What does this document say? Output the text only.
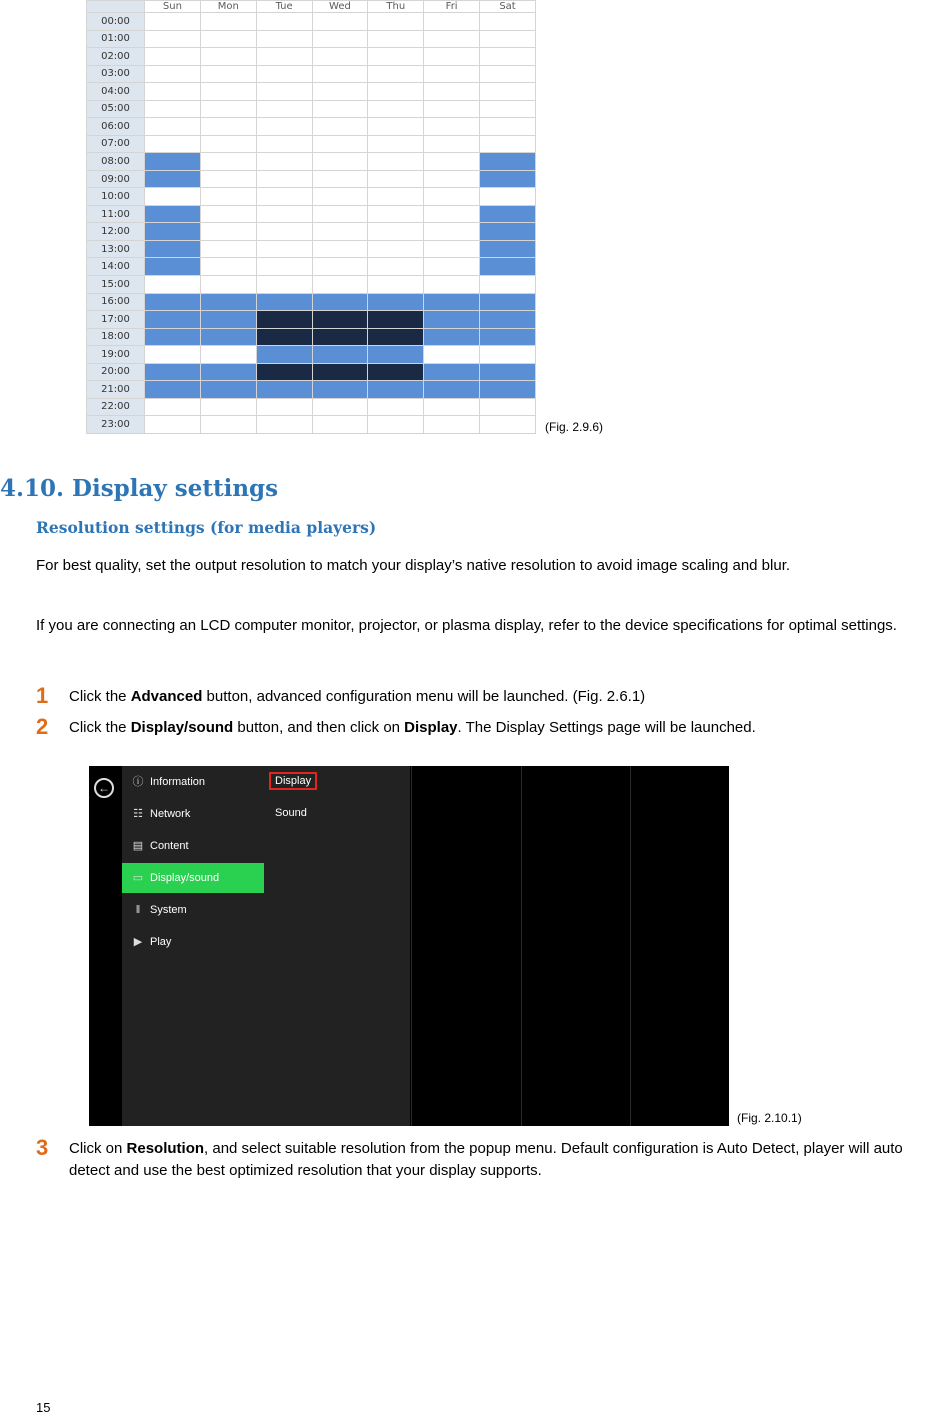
	Sun	Mon	Tue	Wed	Thu	Fri	Sat
00:00							
01:00							
02:00							
03:00							
04:00							
05:00							
06:00							
07:00							
08:00							
09:00							
10:00							
11:00							
12:00							
13:00							
14:00							
15:00							
16:00							
17:00							
18:00							
19:00							
20:00							
21:00							
22:00							
23:00								(Fig. 2.9.6)
4.10. Display settings
Resolution settings (for media players)

For best quality, set the output resolution to match your display’s native resolution to avoid image scaling and blur.

If you are connecting an LCD computer monitor, projector, or plasma display, refer to the device specifications for optimal settings.

1 Click the Advanced button, advanced configuration menu will be launched. (Fig. 2.6.1)
2 Click the Display/sound button, and then click on Display. The Display Settings page will be launched.
←	ⓘ Information
☷ Network
▤ Content
▭ Display/sound
‖ System
▶ Play
Display
Sound
(Fig. 2.10.1)
3 Click on Resolution, and select suitable resolution from the popup menu. Default configuration is Auto Detect, player will auto detect and use the best optimized resolution that your display supports.
15
